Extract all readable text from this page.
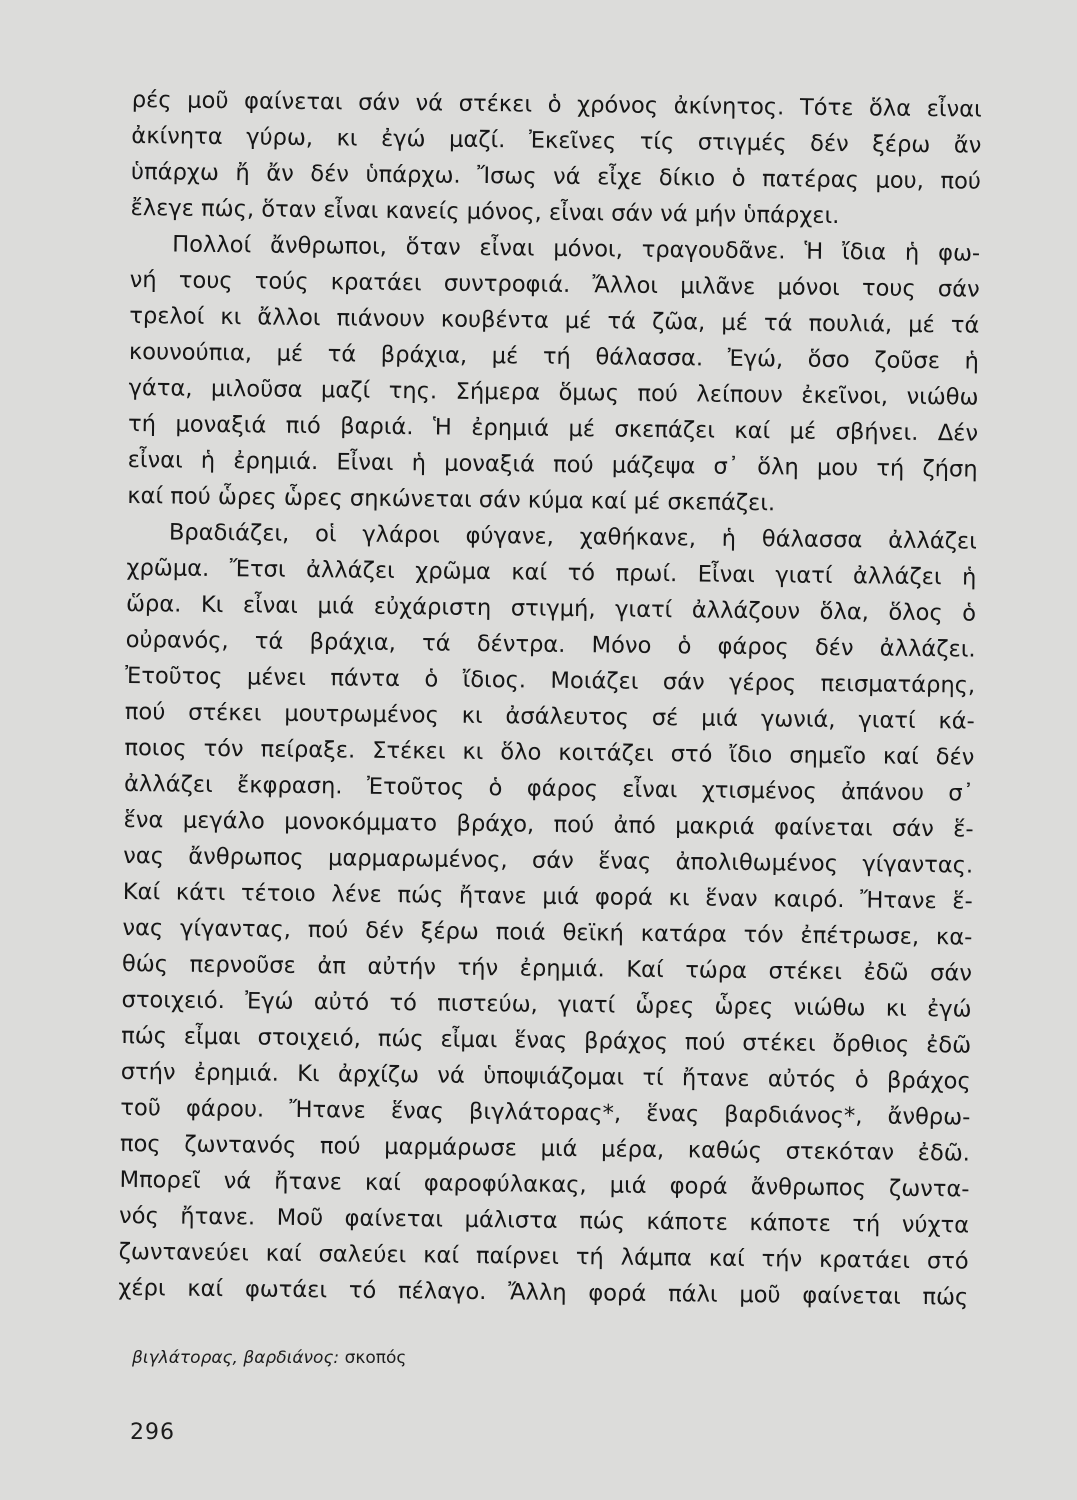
ρές μοῦ φαίνεται σάν νά στέκει ὁ χρόνος ἀκίνητος. Τότε ὅλα εἶναι
ἀκίνητα γύρω, κι ἐγώ μαζί. Ἐκεῖνες τίς στιγμές δέν ξέρω ἄν
ὑπάρχω ἤ ἄν δέν ὑπάρχω. Ἴσως νά εἶχε δίκιο ὁ πατέρας μου, πού
ἔλεγε πώς, ὅταν εἶναι κανείς μόνος, εἶναι σάν νά μήν ὑπάρχει.
Πολλοί ἄνθρωποι, ὅταν εἶναι μόνοι, τραγουδᾶνε. Ἡ ἴδια ἡ φω-
νή τους τούς κρατάει συντροφιά. Ἄλλοι μιλᾶνε μόνοι τους σάν
τρελοί κι ἄλλοι πιάνουν κουβέντα μέ τά ζῶα, μέ τά πουλιά, μέ τά
κουνούπια, μέ τά βράχια, μέ τή θάλασσα. Ἐγώ, ὅσο ζοῦσε ἡ
γάτα, μιλοῦσα μαζί της. Σήμερα ὅμως πού λείπουν ἐκεῖνοι, νιώθω
τή μοναξιά πιό βαριά. Ἡ ἐρημιά μέ σκεπάζει καί μέ σβήνει. Δέν
εἶναι ἡ ἐρημιά. Εἶναι ἡ μοναξιά πού μάζεψα σ᾿ ὅλη μου τή ζήση
καί πού ὧρες ὧρες σηκώνεται σάν κύμα καί μέ σκεπάζει.
Βραδιάζει, οἱ γλάροι φύγανε, χαθήκανε, ἡ θάλασσα ἀλλάζει
χρῶμα. Ἔτσι ἀλλάζει χρῶμα καί τό πρωί. Εἶναι γιατί ἀλλάζει ἡ
ὥρα. Κι εἶναι μιά εὐχάριστη στιγμή, γιατί ἀλλάζουν ὅλα, ὅλος ὁ
οὐρανός, τά βράχια, τά δέντρα. Μόνο ὁ φάρος δέν ἀλλάζει.
Ἐτοῦτος μένει πάντα ὁ ἴδιος. Μοιάζει σάν γέρος πεισματάρης,
πού στέκει μουτρωμένος κι ἀσάλευτος σέ μιά γωνιά, γιατί κά-
ποιος τόν πείραξε. Στέκει κι ὅλο κοιτάζει στό ἴδιο σημεῖο καί δέν
ἀλλάζει ἔκφραση. Ἐτοῦτος ὁ φάρος εἶναι χτισμένος ἀπάνου σ᾿
ἕνα μεγάλο μονοκόμματο βράχο, πού ἀπό μακριά φαίνεται σάν ἕ-
νας ἄνθρωπος μαρμαρωμένος, σάν ἕνας ἀπολιθωμένος γίγαντας.
Καί κάτι τέτοιο λένε πώς ἤτανε μιά φορά κι ἕναν καιρό. Ἤτανε ἕ-
νας γίγαντας, πού δέν ξέρω ποιά θεϊκή κατάρα τόν ἐπέτρωσε, κα-
θώς περνοῦσε ἀπ αὐτήν τήν ἐρημιά. Καί τώρα στέκει ἐδῶ σάν
στοιχειό. Ἐγώ αὐτό τό πιστεύω, γιατί ὧρες ὧρες νιώθω κι ἐγώ
πώς εἶμαι στοιχειό, πώς εἶμαι ἕνας βράχος πού στέκει ὄρθιος ἐδῶ
στήν ἐρημιά. Κι ἀρχίζω νά ὑποψιάζομαι τί ἤτανε αὐτός ὁ βράχος
τοῦ φάρου. Ἤτανε ἕνας βιγλάτορας*, ἕνας βαρδιάνος*, ἄνθρω-
πος ζωντανός πού μαρμάρωσε μιά μέρα, καθώς στεκόταν ἐδῶ.
Μπορεῖ νά ἤτανε καί φαροφύλακας, μιά φορά ἄνθρωπος ζωντα-
νός ἤτανε. Μοῦ φαίνεται μάλιστα πώς κάποτε κάποτε τή νύχτα
ζωντανεύει καί σαλεύει καί παίρνει τή λάμπα καί τήν κρατάει στό
χέρι καί φωτάει τό πέλαγο. Ἄλλη φορά πάλι μοῦ φαίνεται πώς
βιγλάτορας, βαρδιάνος: σκοπός
296
